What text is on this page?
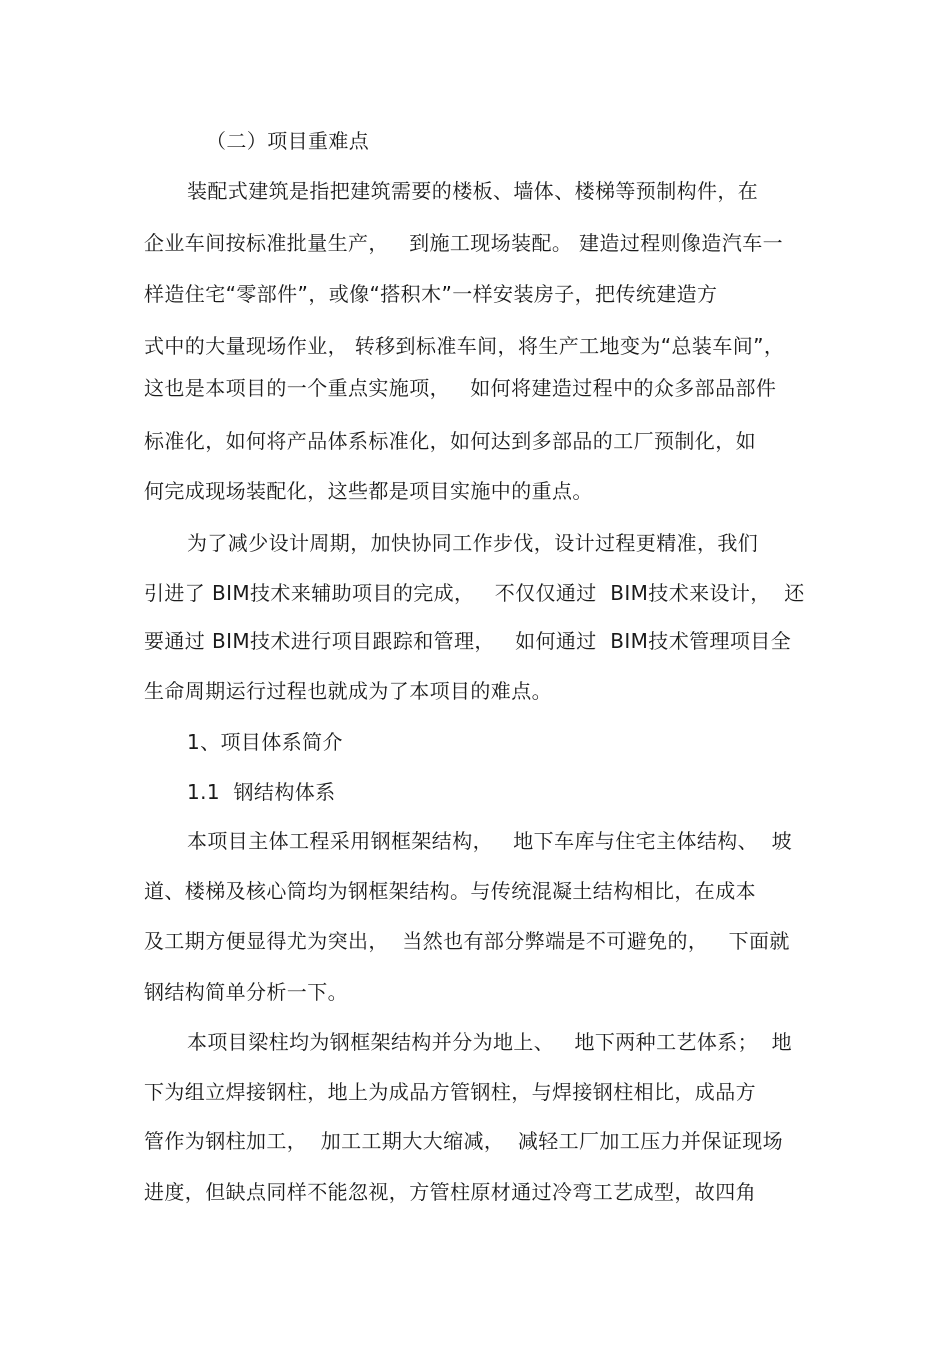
（二）项目重难点
装配式建筑是指把建筑需要的楼板、墙体、楼梯等预制构件，在
企业车间按标准批量生产，   到施工现场装配。 建造过程则像造汽车一
样造住宅“零部件”，或像“搭积木”一样安装房子，把传统建造方
式中的大量现场作业， 转移到标准车间，将生产工地变为“总装车间”，
这也是本项目的一个重点实施项，   如何将建造过程中的众多部品部件
标准化，如何将产品体系标准化，如何达到多部品的工厂预制化，如
何完成现场装配化，这些都是项目实施中的重点。
为了减少设计周期，加快协同工作步伐，设计过程更精准，我们
引进了 BIM技术来辅助项目的完成，   不仅仅通过  BIM技术来设计，  还
要通过 BIM技术进行项目跟踪和管理，   如何通过  BIM技术管理项目全
生命周期运行过程也就成为了本项目的难点。
1、项目体系简介
1.1  钢结构体系
本项目主体工程采用钢框架结构，   地下车库与住宅主体结构、  坡
道、楼梯及核心筒均为钢框架结构。与传统混凝土结构相比，在成本
及工期方便显得尤为突出，  当然也有部分弊端是不可避免的，   下面就
钢结构简单分析一下。
本项目梁柱均为钢框架结构并分为地上、   地下两种工艺体系；  地
下为组立焊接钢柱，地上为成品方管钢柱，与焊接钢柱相比，成品方
管作为钢柱加工，  加工工期大大缩减，  减轻工厂加工压力并保证现场
进度，但缺点同样不能忽视，方管柱原材通过冷弯工艺成型，故四角
